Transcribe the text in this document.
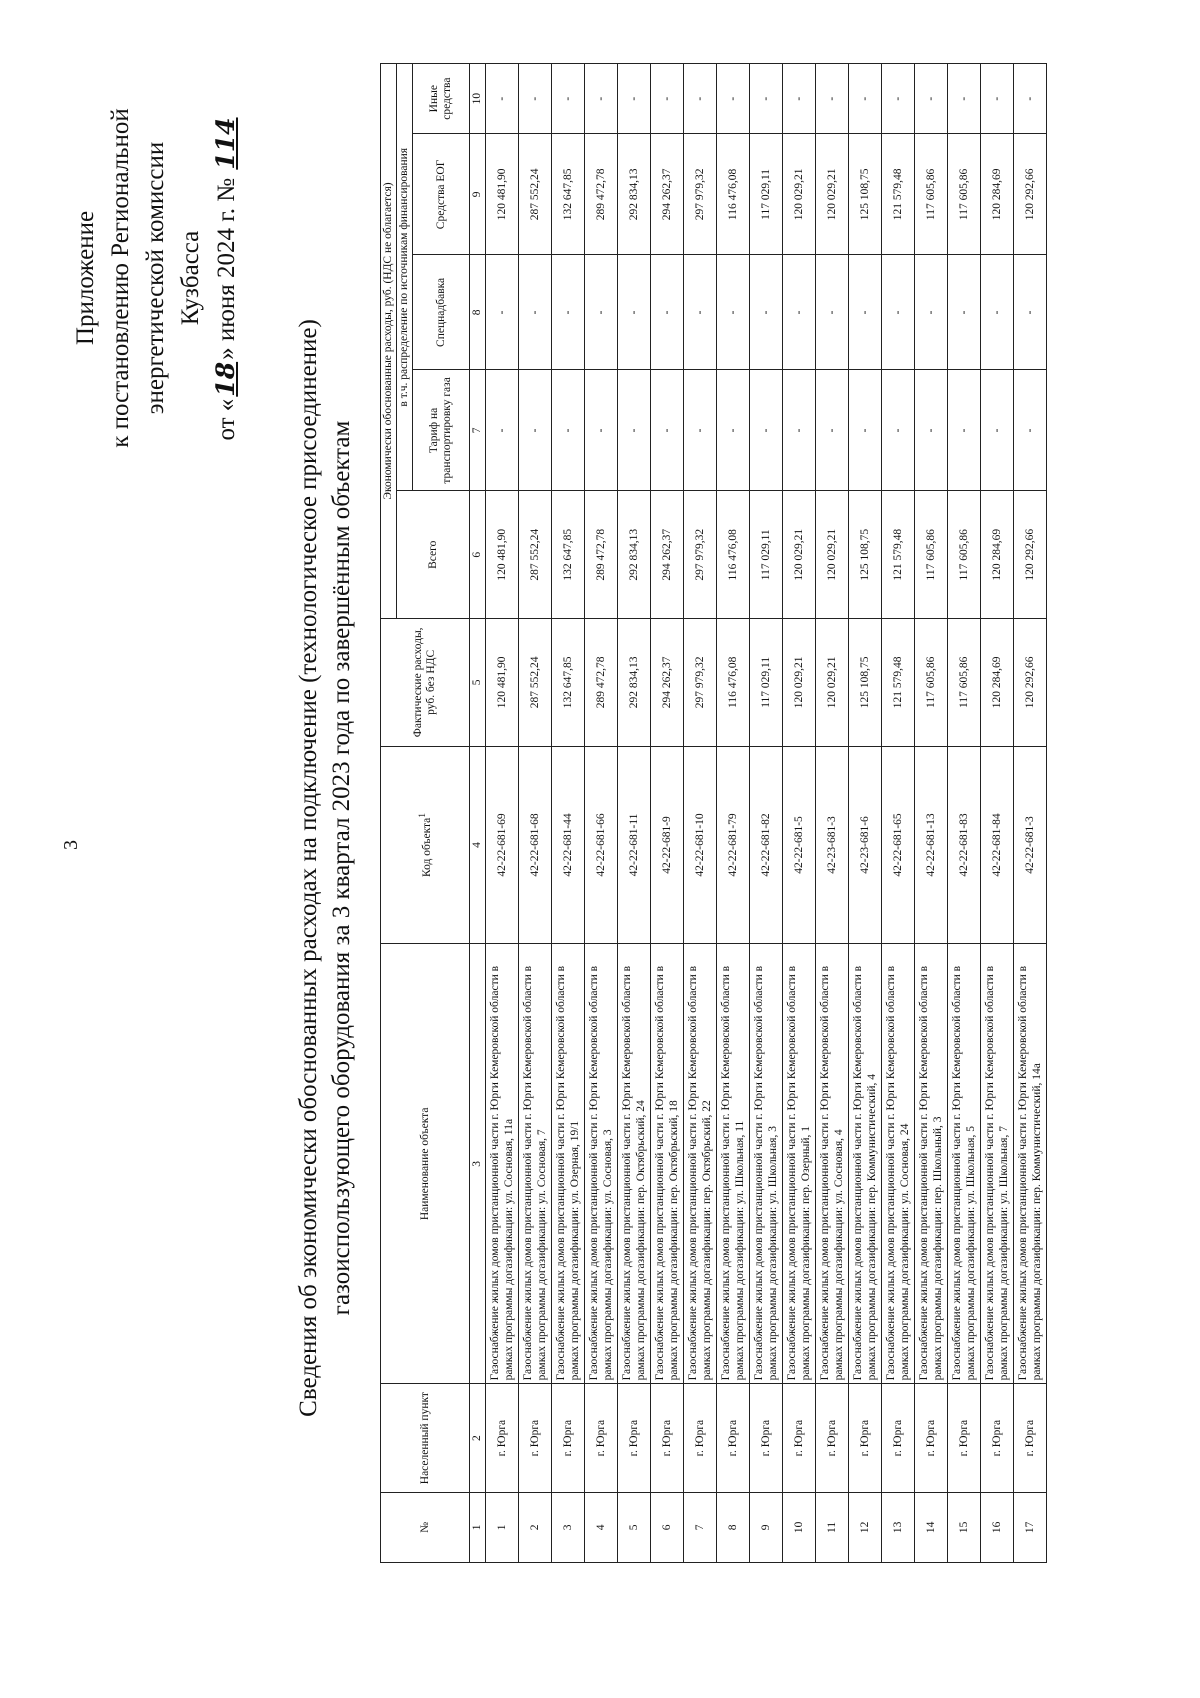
3
Приложение к постановлению Региональной энергетической комиссии Кузбасса
от «18» июня 2024 г. № 114
Сведения об экономически обоснованных расходах на подключение (технологическое присоединение) газоиспользующего оборудования за 3 квартал 2023 года по завершённым объектам
№	Населенный пункт	Наименование объекта	Код объекта$^1$	Фактические расходы, руб. без НДС	Экономически обоснованные расходы, руб. (НДС не облагается)				
					Всего	в т.ч. распределение по источникам финансирования			
						Тариф на транспортировку газа	Спецнадбавка	Средства ЕОГ	Иные средства
1	2	3	4	5	6	7	8	9	10
1	г. Юрга	Газоснабжение жилых домов пристанционной части г. Юрги Кемеровской области в рамках программы догазификации: ул. Сосновая, 11а	42-22-681-69	120 481,90	120 481,90	-	-	120 481,90	-
2	г. Юрга	Газоснабжение жилых домов пристанционной части г. Юрги Кемеровской области в рамках программы догазификации: ул. Сосновая, 7	42-22-681-68	287 552,24	287 552,24	-	-	287 552,24	-
3	г. Юрга	Газоснабжение жилых домов пристанционной части г. Юрги Кемеровской области в рамках программы догазификации: ул. Озерная, 19/1	42-22-681-44	132 647,85	132 647,85	-	-	132 647,85	-
4	г. Юрга	Газоснабжение жилых домов пристанционной части г. Юрги Кемеровской области в рамках программы догазификации: ул. Сосновая, 3	42-22-681-66	289 472,78	289 472,78	-	-	289 472,78	-
5	г. Юрга	Газоснабжение жилых домов пристанционной части г. Юрги Кемеровской области в рамках программы догазификации: пер. Октябрьский, 24	42-22-681-11	292 834,13	292 834,13	-	-	292 834,13	-
6	г. Юрга	Газоснабжение жилых домов пристанционной части г. Юрги Кемеровской области в рамках программы догазификации: пер. Октябрьский, 18	42-22-681-9	294 262,37	294 262,37	-	-	294 262,37	-
7	г. Юрга	Газоснабжение жилых домов пристанционной части г. Юрги Кемеровской области в рамках программы догазификации: пер. Октябрьский, 22	42-22-681-10	297 979,32	297 979,32	-	-	297 979,32	-
8	г. Юрга	Газоснабжение жилых домов пристанционной части г. Юрги Кемеровской области в рамках программы догазификации: ул. Школьная, 11	42-22-681-79	116 476,08	116 476,08	-	-	116 476,08	-
9	г. Юрга	Газоснабжение жилых домов пристанционной части г. Юрги Кемеровской области в рамках программы догазификации: ул. Школьная, 3	42-22-681-82	117 029,11	117 029,11	-	-	117 029,11	-
10	г. Юрга	Газоснабжение жилых домов пристанционной части г. Юрги Кемеровской области в рамках программы догазификации: пер. Озерный, 1	42-22-681-5	120 029,21	120 029,21	-	-	120 029,21	-
11	г. Юрга	Газоснабжение жилых домов пристанционной части г. Юрги Кемеровской области в рамках программы догазификации: ул. Сосновая, 4	42-23-681-3	120 029,21	120 029,21	-	-	120 029,21	-
12	г. Юрга	Газоснабжение жилых домов пристанционной части г. Юрги Кемеровской области в рамках программы догазификации: пер. Коммунистический, 4	42-23-681-6	125 108,75	125 108,75	-	-	125 108,75	-
13	г. Юрга	Газоснабжение жилых домов пристанционной части г. Юрги Кемеровской области в рамках программы догазификации: ул. Сосновая, 24	42-22-681-65	121 579,48	121 579,48	-	-	121 579,48	-
14	г. Юрга	Газоснабжение жилых домов пристанционной части г. Юрги Кемеровской области в рамках программы догазификации: пер. Школьный, 3	42-22-681-13	117 605,86	117 605,86	-	-	117 605,86	-
15	г. Юрга	Газоснабжение жилых домов пристанционной части г. Юрги Кемеровской области в рамках программы догазификации: ул. Школьная, 5	42-22-681-83	117 605,86	117 605,86	-	-	117 605,86	-
16	г. Юрга	Газоснабжение жилых домов пристанционной части г. Юрги Кемеровской области в рамках программы догазификации: ул. Школьная, 7	42-22-681-84	120 284,69	120 284,69	-	-	120 284,69	-
17	г. Юрга	Газоснабжение жилых домов пристанционной части г. Юрги Кемеровской области в рамках программы догазификации: пер. Коммунистический, 14а	42-22-681-3	120 292,66	120 292,66	-	-	120 292,66	-
